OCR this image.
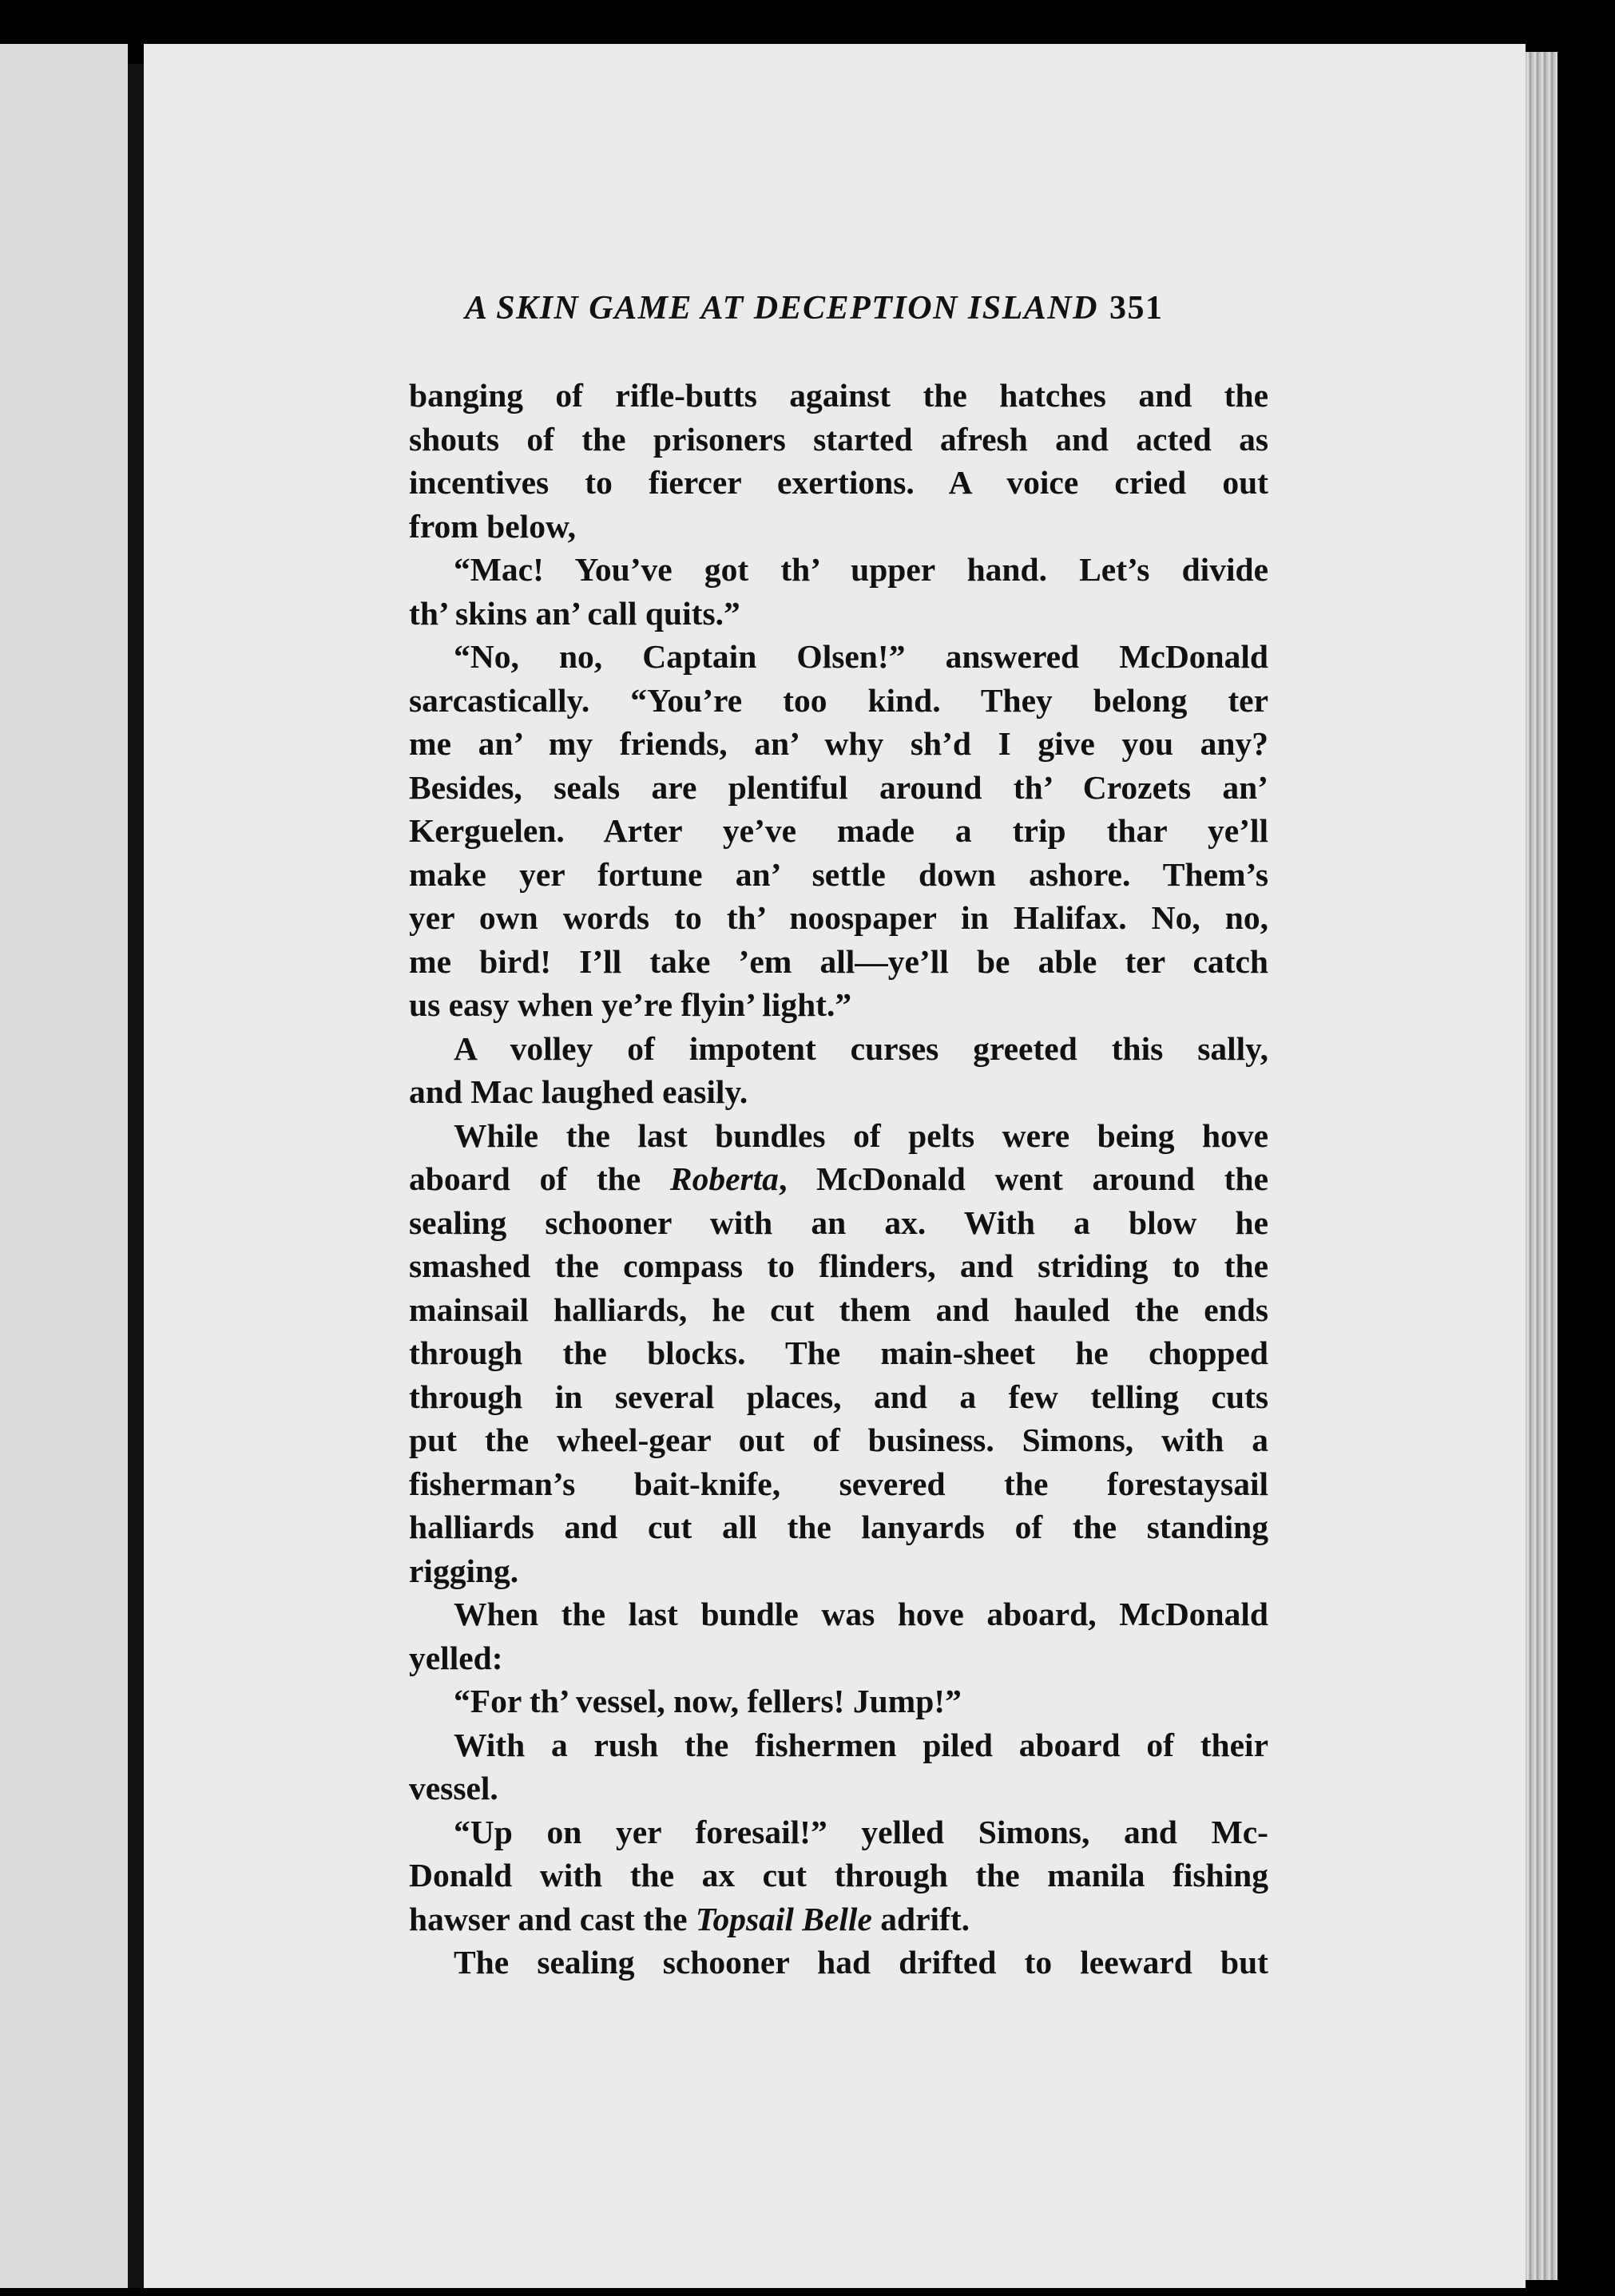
A SKIN GAME AT DECEPTION ISLAND 351
banging of rifle-butts against the hatches and the
shouts of the prisoners started afresh and acted as
incentives to fiercer exertions. A voice cried out
from below,
“Mac! You’ve got th’ upper hand. Let’s divide
th’ skins an’ call quits.”
“No, no, Captain Olsen!” answered McDonald
sarcastically. “You’re too kind. They belong ter
me an’ my friends, an’ why sh’d I give you any?
Besides, seals are plentiful around th’ Crozets an’
Kerguelen. Arter ye’ve made a trip thar ye’ll
make yer fortune an’ settle down ashore. Them’s
yer own words to th’ noospaper in Halifax. No, no,
me bird! I’ll take ’em all—ye’ll be able ter catch
us easy when ye’re flyin’ light.”
A volley of impotent curses greeted this sally,
and Mac laughed easily.
While the last bundles of pelts were being hove
aboard of the Roberta, McDonald went around the
sealing schooner with an ax. With a blow he
smashed the compass to flinders, and striding to the
mainsail halliards, he cut them and hauled the ends
through the blocks. The main-sheet he chopped
through in several places, and a few telling cuts
put the wheel-gear out of business. Simons, with a
fisherman’s bait-knife, severed the forestaysail
halliards and cut all the lanyards of the standing
rigging.
When the last bundle was hove aboard, McDonald
yelled:
“For th’ vessel, now, fellers! Jump!”
With a rush the fishermen piled aboard of their
vessel.
“Up on yer foresail!” yelled Simons, and Mc-
Donald with the ax cut through the manila fishing
hawser and cast the Topsail Belle adrift.
The sealing schooner had drifted to leeward but
